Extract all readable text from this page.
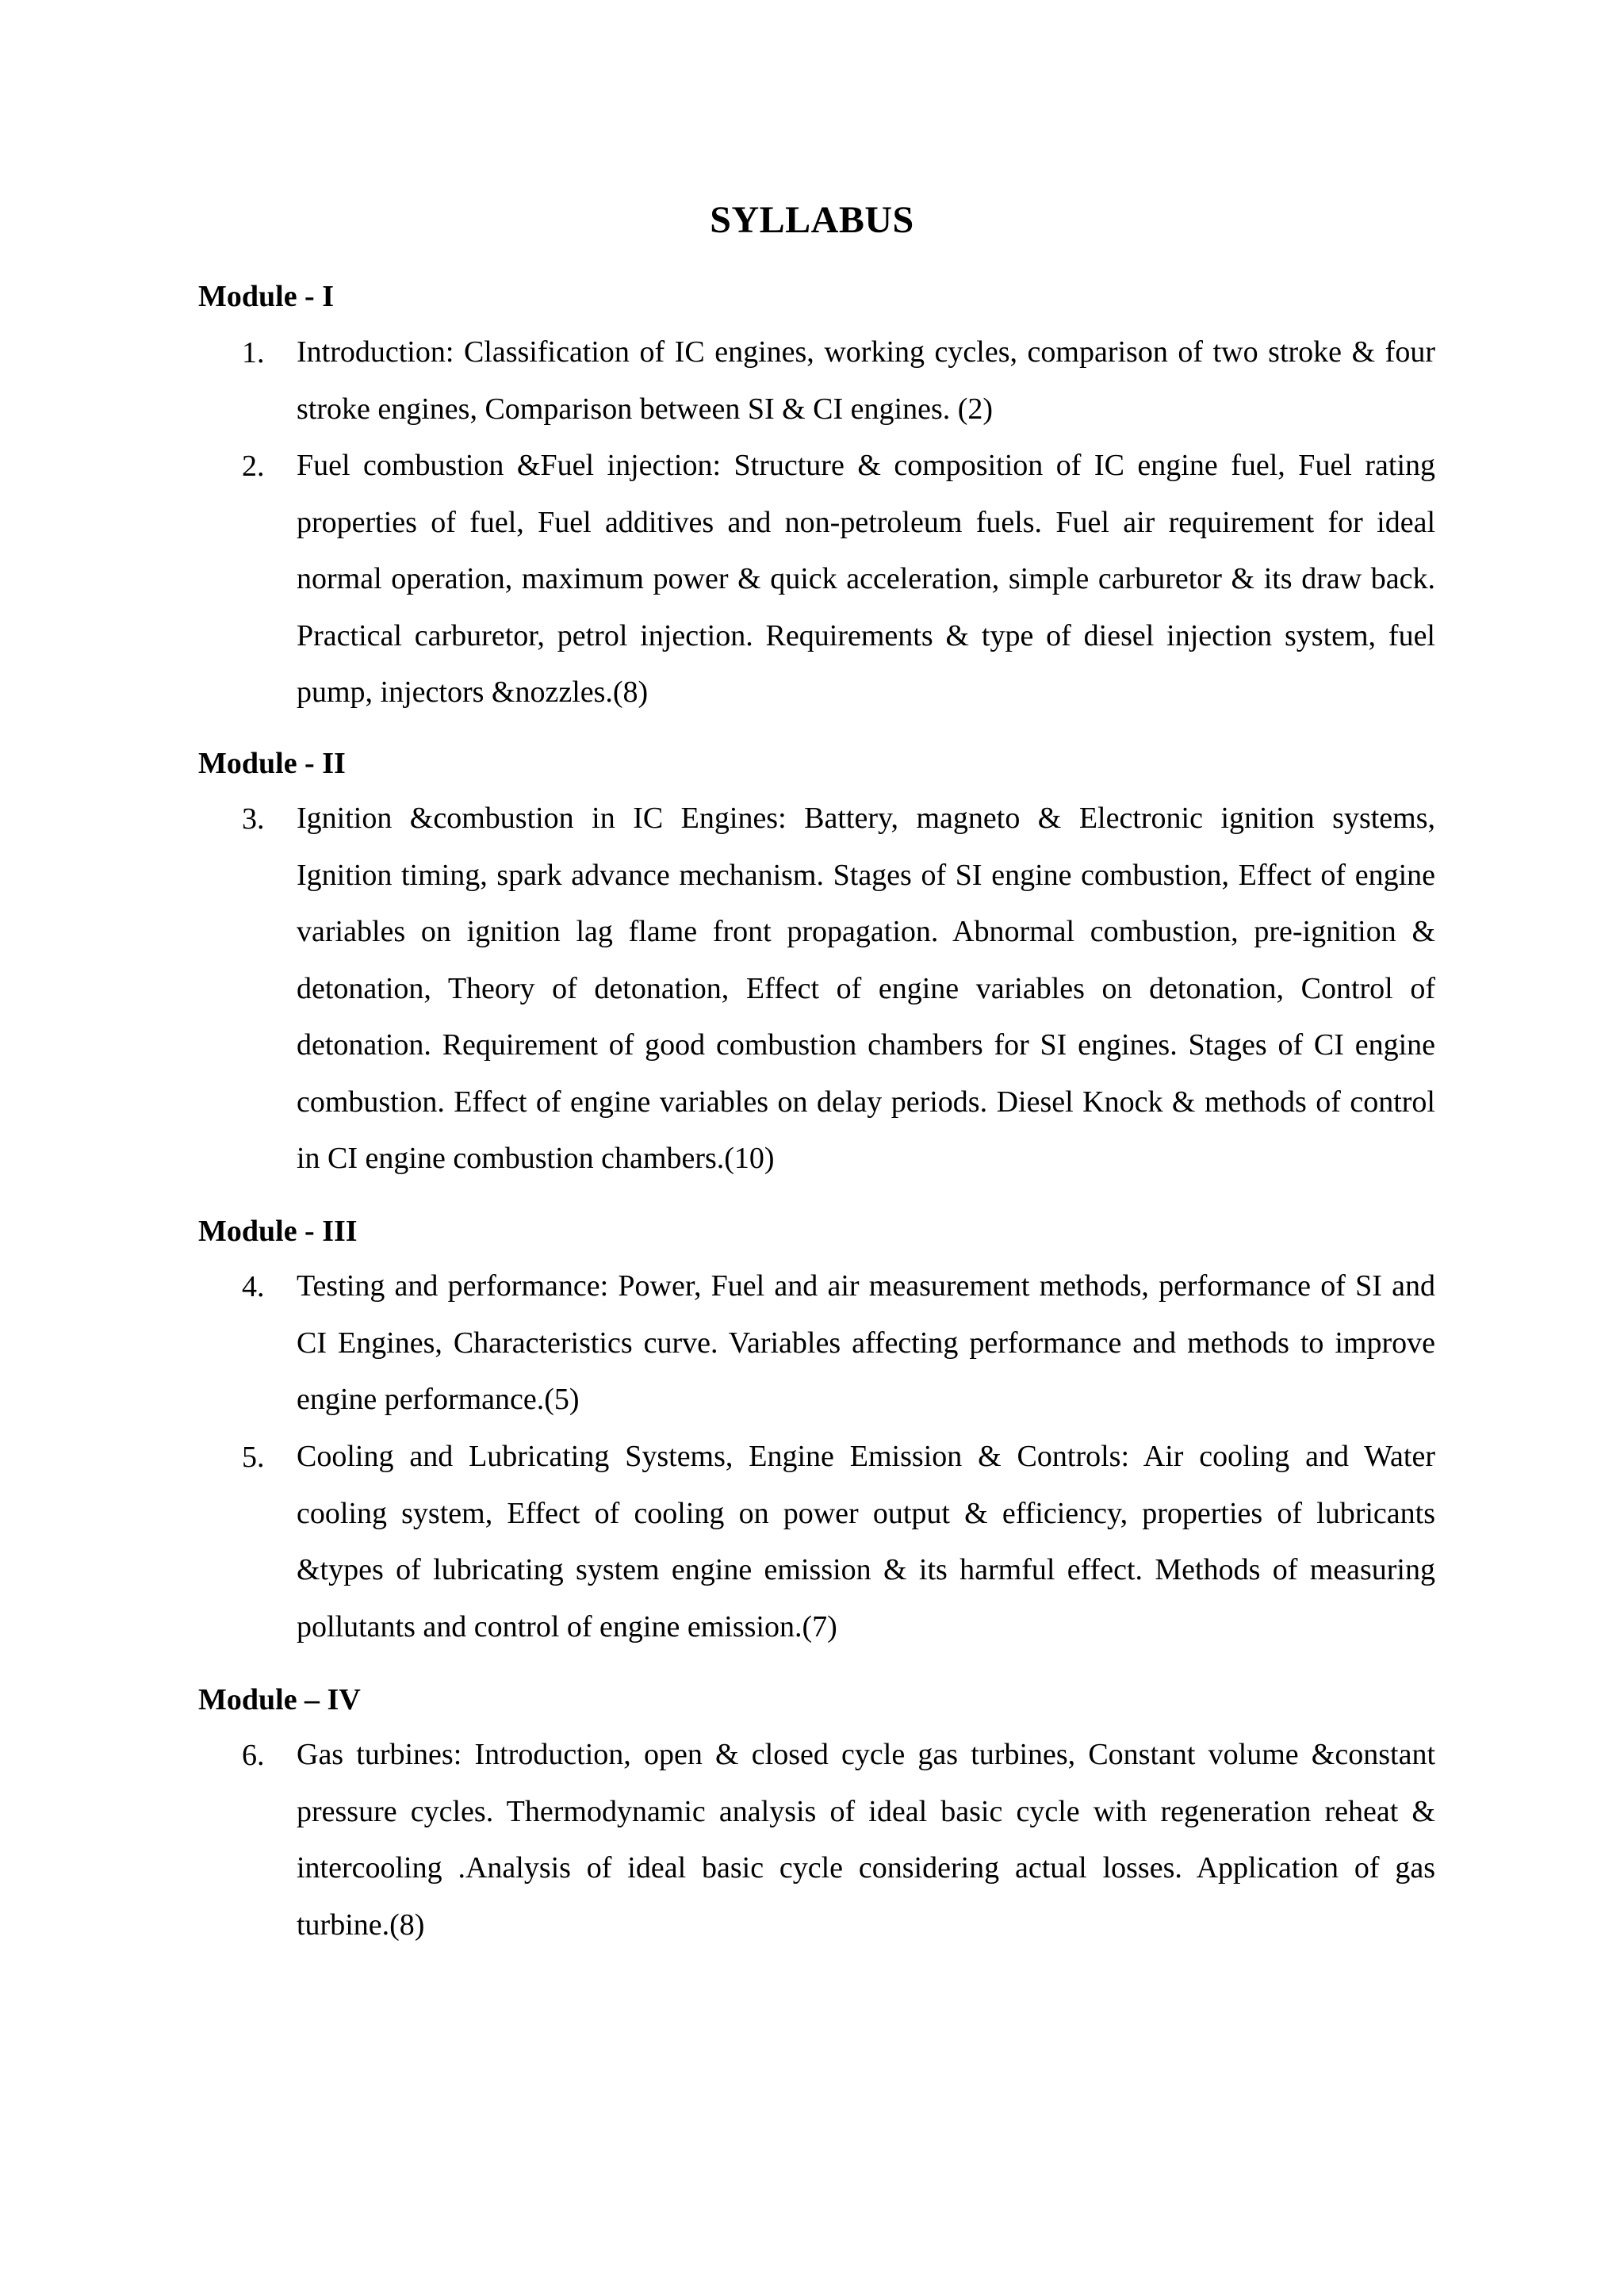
SYLLABUS
Module - I
1. Introduction: Classification of IC engines, working cycles, comparison of two stroke & four stroke engines, Comparison between SI & CI engines. (2)

2. Fuel combustion &Fuel injection: Structure & composition of IC engine fuel, Fuel rating properties of fuel, Fuel additives and non-petroleum fuels. Fuel air requirement for ideal normal operation, maximum power & quick acceleration, simple carburetor & its draw back. Practical carburetor, petrol injection. Requirements & type of diesel injection system, fuel pump, injectors &nozzles.(8)

Module - II
3. Ignition &combustion in IC Engines: Battery, magneto & Electronic ignition systems, Ignition timing, spark advance mechanism. Stages of SI engine combustion, Effect of engine variables on ignition lag flame front propagation. Abnormal combustion, pre-ignition & detonation, Theory of detonation, Effect of engine variables on detonation, Control of detonation. Requirement of good combustion chambers for SI engines. Stages of CI engine combustion. Effect of engine variables on delay periods. Diesel Knock & methods of control in CI engine combustion chambers.(10)

Module - III
4. Testing and performance: Power, Fuel and air measurement methods, performance of SI and CI Engines, Characteristics curve. Variables affecting performance and methods to improve engine performance.(5)

5. Cooling and Lubricating Systems, Engine Emission & Controls: Air cooling and Water cooling system, Effect of cooling on power output & efficiency, properties of lubricants &types of lubricating system engine emission & its harmful effect. Methods of measuring pollutants and control of engine emission.(7)

Module – IV
6. Gas turbines: Introduction, open & closed cycle gas turbines, Constant volume &constant pressure cycles. Thermodynamic analysis of ideal basic cycle with regeneration reheat & intercooling .Analysis of ideal basic cycle considering actual losses. Application of gas turbine.(8)
